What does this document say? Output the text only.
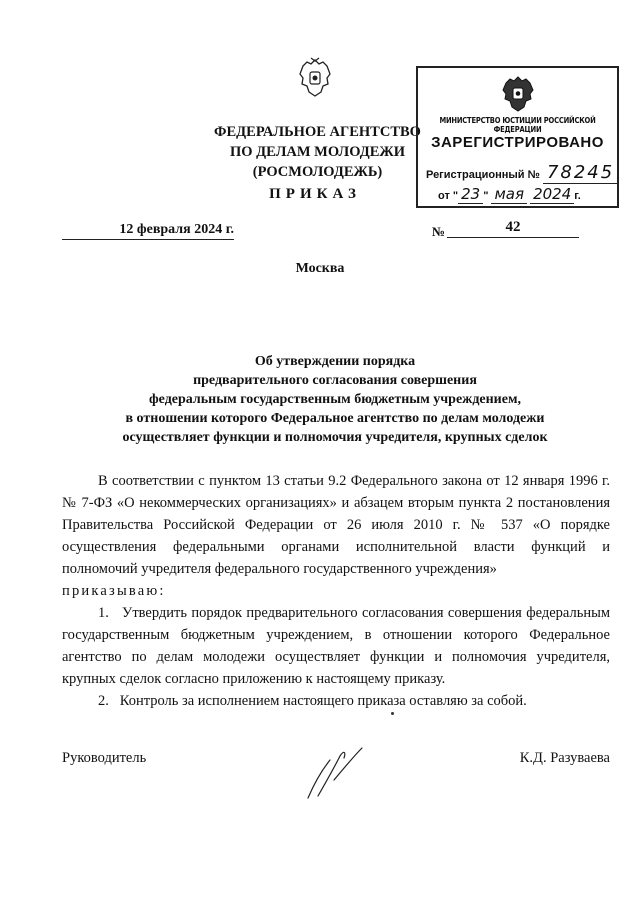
ФЕДЕРАЛЬНОЕ АГЕНТСТВО
ПО ДЕЛАМ МОЛОДЕЖИ
(РОСМОЛОДЕЖЬ)
ПРИКАЗ
12 февраля 2024 г.	№	42
Москва
МИНИСТЕРСТВО ЮСТИЦИИ РОССИЙСКОЙ ФЕДЕРАЦИИ
ЗАРЕГИСТРИРОВАНО
Регистрационный № 78245
от " 23 " мая 2024 г.
Об утверждении порядка
предварительного согласования совершения
федеральным государственным бюджетным учреждением,
в отношении которого Федеральное агентство по делам молодежи
осуществляет функции и полномочия учредителя, крупных сделок

В соответствии с пунктом 13 статьи 9.2 Федерального закона от 12 января 1996 г. № 7-ФЗ «О некоммерческих организациях» и абзацем вторым пункта 2 постановления Правительства Российской Федерации от 26 июля 2010 г. № 537 «О порядке осуществления федеральными органами исполнительной власти функций и полномочий учредителя федерального государственного учреждения»

приказываю:

1.   Утвердить порядок предварительного согласования совершения федеральным государственным бюджетным учреждением, в отношении которого Федеральное агентство по делам молодежи осуществляет функции и полномочия учредителя, крупных сделок согласно приложению к настоящему приказу.

2.   Контроль за исполнением настоящего приказа оставляю за собой.

Руководитель	К.Д. Разуваева
